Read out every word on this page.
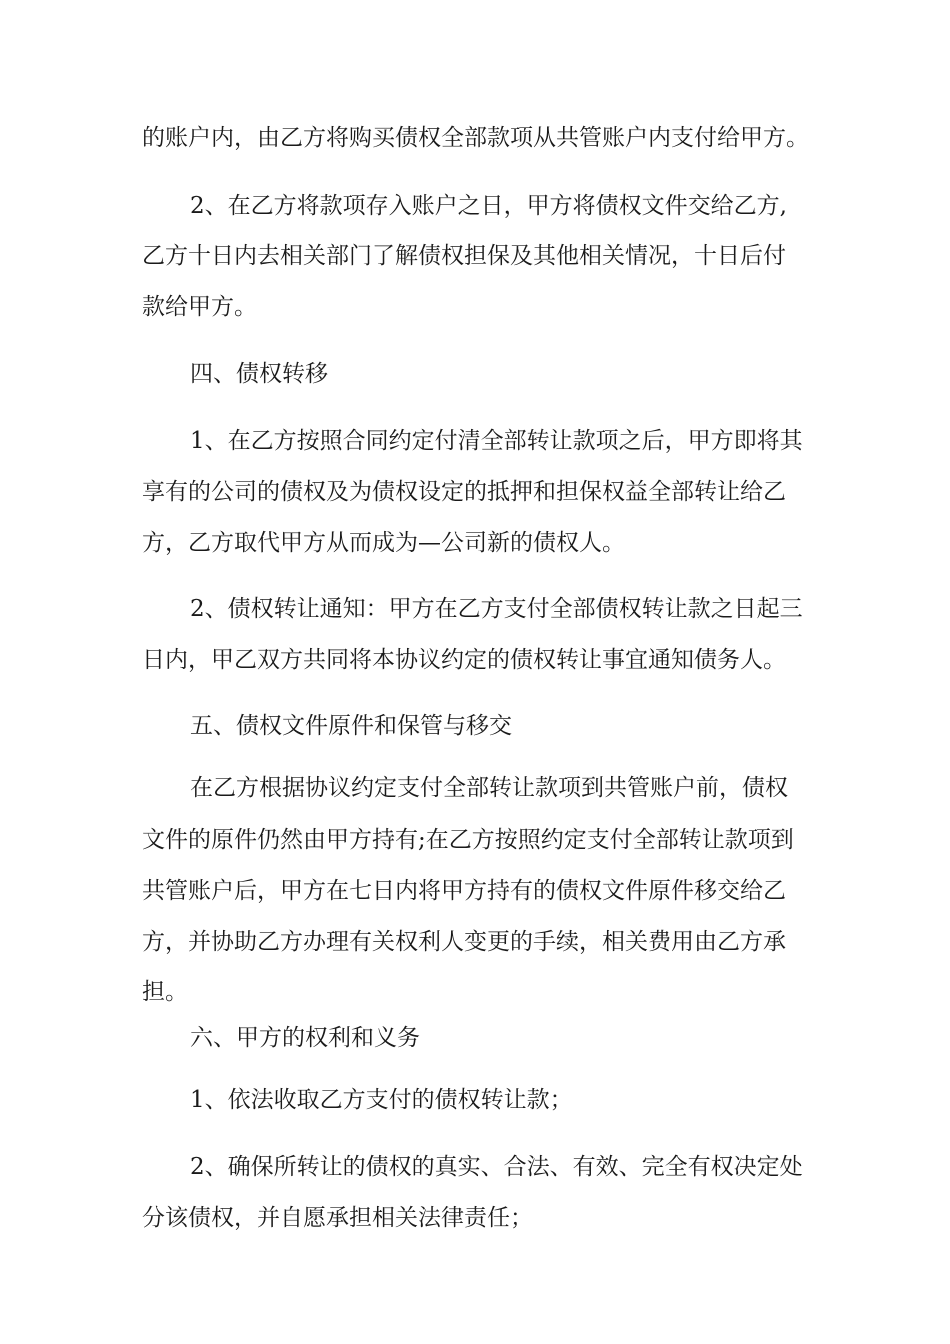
的账户内，由乙方将购买债权全部款项从共管账户内支付给甲方。
2、在乙方将款项存入账户之日，甲方将债权文件交给乙方,
乙方十日内去相关部门了解债权担保及其他相关情况，十日后付
款给甲方。
四、债权转移
1、在乙方按照合同约定付清全部转让款项之后，甲方即将其
享有的公司的债权及为债权设定的抵押和担保权益全部转让给乙
方，乙方取代甲方从而成为—公司新的债权人。
2、债权转让通知：甲方在乙方支付全部债权转让款之日起三
日内，甲乙双方共同将本协议约定的债权转让事宜通知债务人。
五、债权文件原件和保管与移交
在乙方根据协议约定支付全部转让款项到共管账户前，债权
文件的原件仍然由甲方持有;在乙方按照约定支付全部转让款项到
共管账户后，甲方在七日内将甲方持有的债权文件原件移交给乙
方，并协助乙方办理有关权利人变更的手续，相关费用由乙方承
担。
六、甲方的权利和义务
1、依法收取乙方支付的债权转让款；
2、确保所转让的债权的真实、合法、有效、完全有权决定处
分该债权，并自愿承担相关法律责任；
